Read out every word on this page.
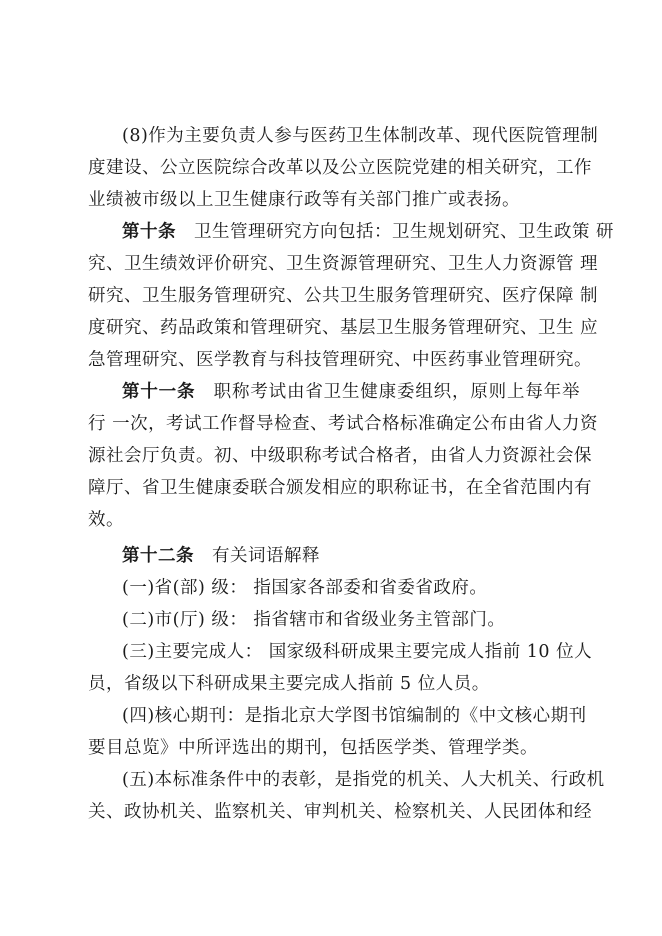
(8)作为主要负责人参与医药卫生体制改革、现代医院管理制
度建设、公立医院综合改革以及公立医院党建的相关研究，工作
业绩被市级以上卫生健康行政等有关部门推广或表扬。
第十条　卫生管理研究方向包括：卫生规划研究、卫生政策 研
究、卫生绩效评价研究、卫生资源管理研究、卫生人力资源管 理
研究、卫生服务管理研究、公共卫生服务管理研究、医疗保障 制
度研究、药品政策和管理研究、基层卫生服务管理研究、卫生 应
急管理研究、医学教育与科技管理研究、中医药事业管理研究。
第十一条　职称考试由省卫生健康委组织，原则上每年举
行 一次，考试工作督导检查、考试合格标准确定公布由省人力资
源社会厅负责。初、中级职称考试合格者，由省人力资源社会保
障厅、省卫生健康委联合颁发相应的职称证书，在全省范围内有
效。
第十二条　有关词语解释
(一)省(部) 级： 指国家各部委和省委省政府。
(二)市(厅) 级： 指省辖市和省级业务主管部门。
(三)主要完成人： 国家级科研成果主要完成人指前 10 位人
员，省级以下科研成果主要完成人指前 5 位人员。
(四)核心期刊：是指北京大学图书馆编制的《中文核心期刊
要目总览》中所评选出的期刊，包括医学类、管理学类。
(五)本标准条件中的表彰，是指党的机关、人大机关、行政机
关、政协机关、监察机关、审判机关、检察机关、人民团体和经
